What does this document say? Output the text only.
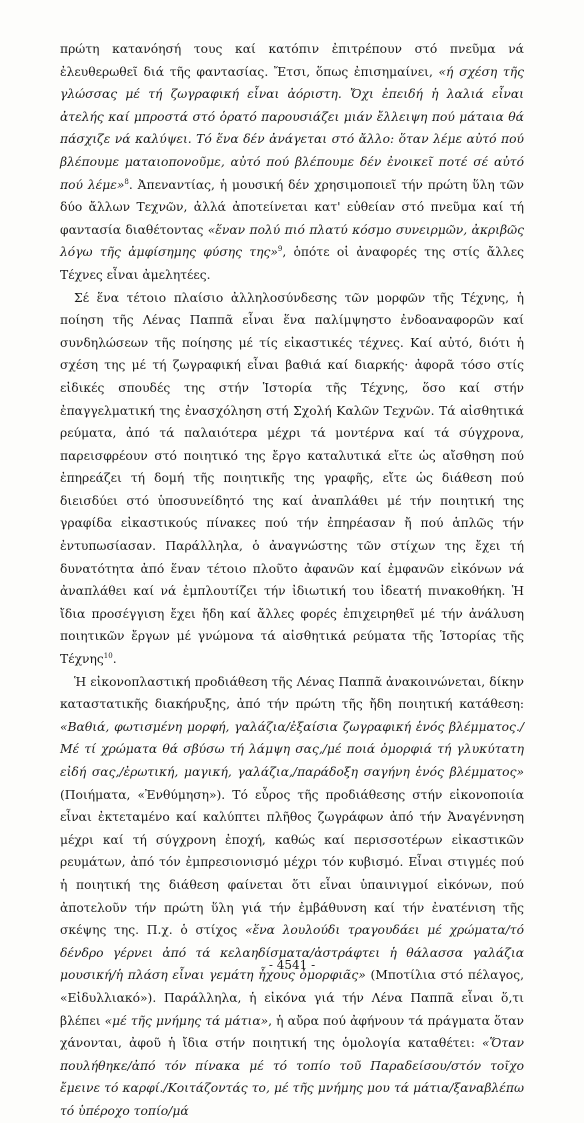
πρώτη κατανόησή τους καί κατόπιν ἐπιτρέπουν στό πνεῦμα νά ἐλευθερωθεῖ διά τῆς φαντασίας. Ἔτσι, ὅπως ἐπισημαίνει, «ή σχέση τῆς γλώσσας μέ τή ζωγραφική εἶναι ἀόριστη. Ὄχι ἐπειδή ἡ λαλιά εἶναι ἀτελής καί μπροστά στό ὁρατό παρουσιάζει μιάν ἔλλειψη πού μάταια θά πάσχιζε νά καλύψει. Τό ἕνα δέν ἀνάγεται στό ἄλλο: ὅταν λέμε αὐτό πού βλέπουμε ματαιοπονοῦμε, αὐτό πού βλέπουμε δέν ἐνοικεῖ ποτέ σέ αὐτό πού λέμε»$^8$. Ἀπεναντίας, ἡ μουσική δέν χρησιμοποιεῖ τήν πρώτη ὕλη τῶν δύο ἄλλων Τεχνῶν, ἀλλά ἀποτείνεται κατ' εὐθείαν στό πνεῦμα καί τή φαντασία διαθέτοντας «ἕναν πολύ πιό πλατύ κόσμο συνειρμῶν, ἀκριβῶς λόγω τῆς ἀμφίσημης φύσης της»$^9$, ὁπότε οἱ ἀναφορές της στίς ἄλλες Τέχνες εἶναι ἀμελητέες.

Σέ ἕνα τέτοιο πλαίσιο ἀλληλοσύνδεσης τῶν μορφῶν τῆς Τέχνης, ἡ ποίηση τῆς Λένας Παππᾶ εἶναι ἕνα παλίμψηστο ἐνδοαναφορῶν καί συνδηλώσεων τῆς ποίησης μέ τίς εἰκαστικές τέχνες. Καί αὐτό, διότι ἡ σχέση της μέ τή ζωγραφική εἶναι βαθιά καί διαρκής· ἀφορᾶ τόσο στίς εἰδικές σπουδές της στήν Ἱστορία τῆς Τέχνης, ὅσο καί στήν ἐπαγγελματική της ἐνασχόληση στή Σχολή Καλῶν Τεχνῶν. Τά αἰσθητικά ρεύματα, ἀπό τά παλαιότερα μέχρι τά μοντέρνα καί τά σύγχρονα, παρεισφρέουν στό ποιητικό της ἔργο καταλυτικά εἴτε ὡς αἴσθηση πού ἐπηρεάζει τή δομή τῆς ποιητικῆς της γραφῆς, εἴτε ὡς διάθεση πού διεισδύει στό ὑποσυνείδητό της καί ἀναπλάθει μέ τήν ποιητική της γραφίδα εἰκαστικούς πίνακες πού τήν ἐπηρέασαν ἤ πού ἁπλῶς τήν ἐντυπωσίασαν. Παράλληλα, ὁ ἀναγνώστης τῶν στίχων της ἔχει τή δυνατότητα ἀπό ἕναν τέτοιο πλοῦτο ἀφανῶν καί ἐμφανῶν εἰκόνων νά ἀναπλάθει καί νά ἐμπλουτίζει τήν ἰδιωτική του ἰδεατή πινακοθήκη. Ἡ ἴδια προσέγγιση ἔχει ἤδη καί ἄλλες φορές ἐπιχειρηθεῖ μέ τήν ἀνάλυση ποιητικῶν ἔργων μέ γνώμονα τά αἰσθητικά ρεύματα τῆς Ἱστορίας τῆς Τέχνης$^{10}$.

Ἡ εἰκονοπλαστική προδιάθεση τῆς Λένας Παππᾶ ἀνακοινώνεται, δίκην καταστατικῆς διακήρυξης, ἀπό τήν πρώτη τῆς ἤδη ποιητική κατάθεση: «Βαθιά, φωτισμένη μορφή, γαλάζια/ἐξαίσια ζωγραφική ἑνός βλέμματος./Μέ τί χρώματα θά σβύσω τή λάμψη σας,/μέ ποιά ὀμορφιά τή γλυκύτατη εἰδή σας,/ἐρωτική, μαγική, γαλάζια,/παράδοξη σαγήνη ἑνός βλέμματος» (Ποιήματα, «Ἐνθύμηση»). Τό εὖρος τῆς προδιάθεσης στήν εἰκονοποιία εἶναι ἐκτεταμένο καί καλύπτει πλῆθος ζωγράφων ἀπό τήν Ἀναγέννηση μέχρι καί τή σύγχρονη ἐποχή, καθώς καί περισσοτέρων εἰκαστικῶν ρευμάτων, ἀπό τόν ἐμπρεσιονισμό μέχρι τόν κυβισμό. Εἶναι στιγμές πού ἡ ποιητική της διάθεση φαίνεται ὅτι εἶναι ὑπαινιγμοί εἰκόνων, πού ἀποτελοῦν τήν πρώτη ὕλη γιά τήν ἐμβάθυνση καί τήν ἐνατένιση τῆς σκέψης της. Π.χ. ὁ στίχος «ἕνα λουλούδι τραγουδάει μέ χρώματα/τό δένδρο γέρνει ἀπό τά κελαηδίσματα/ἀστράφτει ἡ θάλασσα γαλάζια μουσική/ἡ πλάση εἶναι γεμάτη ἦχους ὀμορφιᾶς» (Μποτίλια στό πέλαγος, «Εἰδυλλιακό»). Παράλληλα, ἡ εἰκόνα γιά τήν Λένα Παππᾶ εἶναι ὅ,τι βλέπει «μέ τῆς μνήμης τά μάτια», ἡ αὔρα πού ἀφήνουν τά πράγματα ὅταν χάνονται, ἀφοῦ ἡ ἴδια στήν ποιητική της ὁμολογία καταθέτει: «Ὅταν πουλήθηκε/ἀπό τόν πίνακα μέ τό τοπίο τοῦ Παραδείσου/στόν τοῖχο ἔμεινε τό καρφί./Κοιτάζοντάς το, μέ τῆς μνήμης μου τά μάτια/ξαναβλέπω τό ὑπέροχο τοπίο/μά

- 4541 -
